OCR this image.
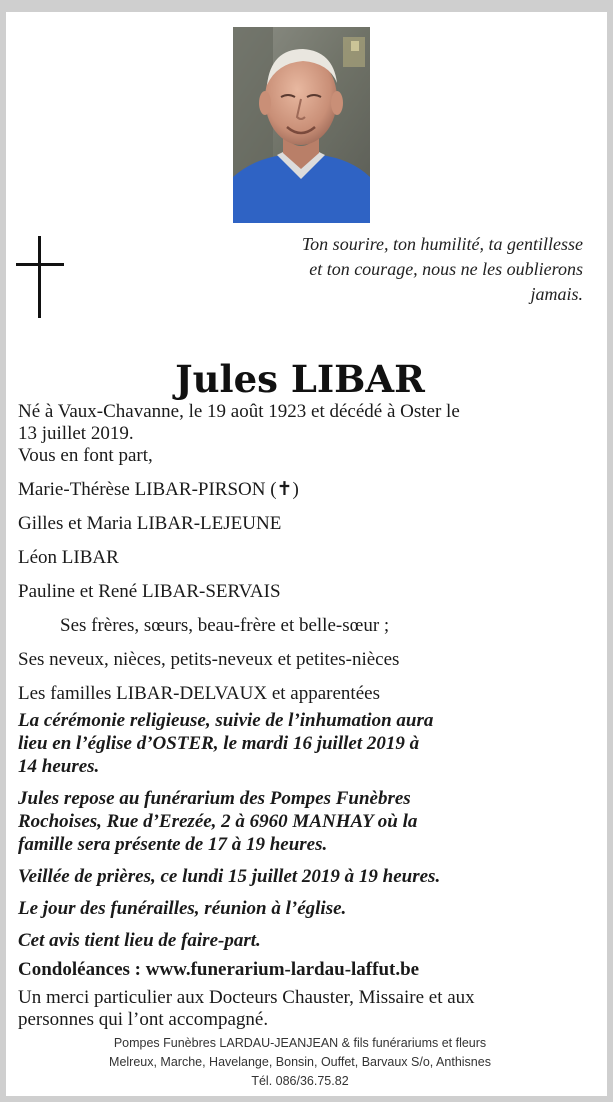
Ton sourire, ton humilité, ta gentillesse
et ton courage, nous ne les oublierons
jamais.
Jules LIBAR

Né à Vaux-Chavanne, le 19 août 1923 et décédé à Oster le

13 juillet 2019.

Vous en font part,

Marie-Thérèse LIBAR-PIRSON (✝)

Gilles et Maria LIBAR-LEJEUNE

Léon LIBAR

Pauline et René LIBAR-SERVAIS

Ses frères, sœurs, beau-frère et belle-sœur ;

Ses neveux, nièces, petits-neveux et petites-nièces

Les familles LIBAR-DELVAUX et apparentées

La cérémonie religieuse, suivie de l’inhumation aura

lieu en l’église d’OSTER, le mardi 16 juillet 2019 à

14 heures.

Jules repose au funérarium des Pompes Funèbres

Rochoises, Rue d’Erezée, 2 à 6960 MANHAY où la

famille sera présente de 17 à 19 heures.

Veillée de prières, ce lundi 15 juillet 2019 à 19 heures.

Le jour des funérailles, réunion à l’église.

Cet avis tient lieu de faire-part.

Condoléances : www.funerarium-lardau-laffut.be

Un merci particulier aux Docteurs Chauster, Missaire et aux

personnes qui l’ont accompagné.

Pompes Funèbres LARDAU-JEANJEAN & fils funérariums et fleurs
Melreux, Marche, Havelange, Bonsin, Ouffet, Barvaux S/o, Anthisnes
Tél. 086/36.75.82
